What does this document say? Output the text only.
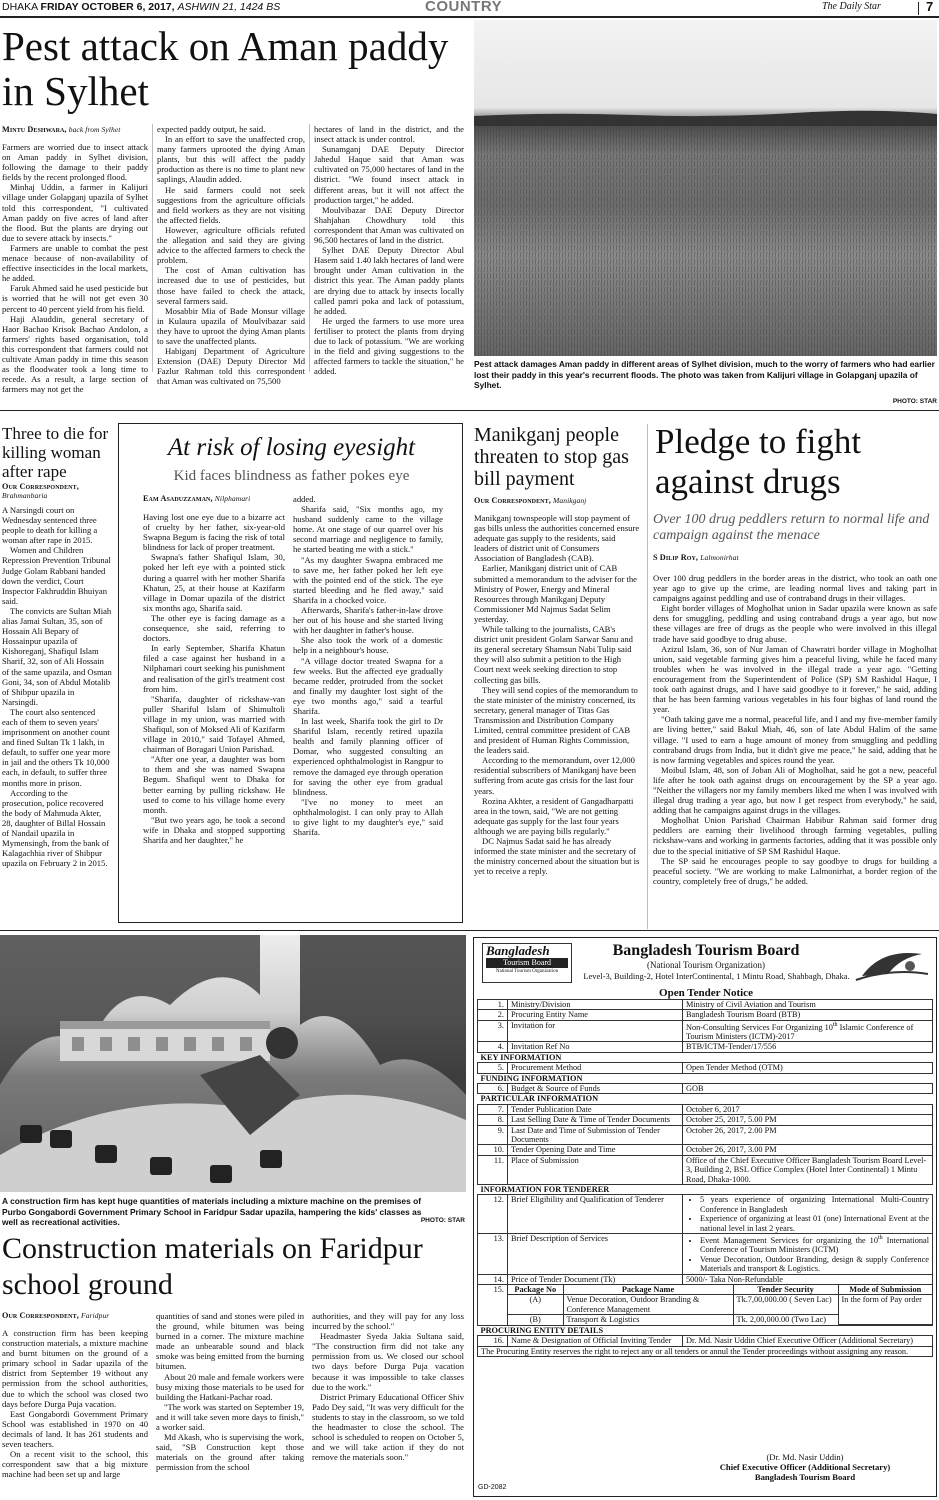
DHAKA FRIDAY OCTOBER 6, 2017, ASHWIN 21, 1424 BS	COUNTRY	The Daily Star	7
Pest attack on Aman paddy in Sylhet
Mintu Deshwara, back from Sylhet

Farmers are worried due to insect attack on Aman paddy in Sylhet division, following the damage to their paddy fields by the recent prolonged flood.

Minhaj Uddin, a farmer in Kalijuri village under Golapganj upazila of Sylhet told this correspondent, "I cultivated Aman paddy on five acres of land after the flood. But the plants are drying out due to severe attack by insects."

Farmers are unable to combat the pest menace because of non-availability of effective insecticides in the local markets, he added.

Faruk Ahmed said he used pesticide but is worried that he will not get even 30 percent to 40 percent yield from his field.

Haji Alauddin, general secretary of Haor Bachao Krisok Bachao Andolon, a farmers' rights based organisation, told this correspondent that farmers could not cultivate Aman paddy in time this season as the floodwater took a long time to recede. As a result, a large section of farmers may not get the

expected paddy output, he said.

In an effort to save the unaffected crop, many farmers uprooted the dying Aman plants, but this will affect the paddy production as there is no time to plant new saplings, Alaudin added.

He said farmers could not seek suggestions from the agriculture officials and field workers as they are not visiting the affected fields.

However, agriculture officials refuted the allegation and said they are giving advice to the affected farmers to check the problem.

The cost of Aman cultivation has increased due to use of pesticides, but those have failed to check the attack, several farmers said.

Mosabbir Mia of Bade Monsur village in Kulaura upazila of Moulvibazar said they have to uproot the dying Aman plants to save the unaffected plants.

Habiganj Department of Agriculture Extension (DAE) Deputy Director Md Fazlur Rahman told this correspondent that Aman was cultivated on 75,500

hectares of land in the district, and the insect attack is under control.

Sunamganj DAE Deputy Director Jahedul Haque said that Aman was cultivated on 75,000 hectares of land in the district. "We found insect attack in different areas, but it will not affect the production target," he added.

Moulvibazar DAE Deputy Director Shahjahan Chowdhury told this correspondent that Aman was cultivated on 96,500 hectares of land in the district.

Sylhet DAE Deputy Director Abul Hasem said 1.40 lakh hectares of land were brought under Aman cultivation in the district this year. The Aman paddy plants are drying due to attack by insects locally called pamri poka and lack of potassium, he added.

He urged the farmers to use more urea fertiliser to protect the plants from drying due to lack of potassium. "We are working in the field and giving suggestions to the affected farmers to tackle the situation," he added.

Pest attack damages Aman paddy in different areas of Sylhet division, much to the worry of farmers who had earlier lost their paddy in this year's recurrent floods. The photo was taken from Kalijuri village in Golapganj upazila of Sylhet.
PHOTO: STAR
Three to die for killing woman after rape
Our Correspondent,
Brahmanbaria

A Narsingdi court on Wednesday sentenced three people to death for killing a woman after rape in 2015.

Women and Children Repression Prevention Tribunal Judge Golam Rabbani handed down the verdict, Court Inspector Fakhruddin Bhuiyan said.

The convicts are Sultan Miah alias Jamai Sultan, 35, son of Hossain Ali Bepary of Hossainpur upazila of Kishoreganj, Shafiqul Islam Sharif, 32, son of Ali Hossain of the same upazila, and Osman Goni, 34, son of Abdul Motalib of Shibpur upazila in Narsingdi.

The court also sentenced each of them to seven years' imprisonment on another count and fined Sultan Tk 1 lakh, in default, to suffer one year more in jail and the others Tk 10,000 each, in default, to suffer three months more in prison.

According to the prosecution, police recovered the body of Mahmuda Akter, 28, daughter of Billal Hossain of Nandail upazila in Mymensingh, from the bank of Kalagachhia river of Shibpur upazila on February 2 in 2015.

At risk of losing eyesight
Kid faces blindness as father pokes eye
Eam Asaduzzaman, Nilphamari

Having lost one eye due to a bizarre act of cruelty by her father, six-year-old Swapna Begum is facing the risk of total blindness for lack of proper treatment.

Swapna's father Shafiqul Islam, 30, poked her left eye with a pointed stick during a quarrel with her mother Sharifa Khatun, 25, at their house at Kazifarm village in Domar upazila of the district six months ago, Sharifa said.

The other eye is facing damage as a consequence, she said, referring to doctors.

In early September, Sharifa Khatun filed a case against her husband in a Nilphamari court seeking his punishment and realisation of the girl's treatment cost from him.

"Sharifa, daughter of rickshaw-van puller Shariful Islam of Shimultoli village in my union, was married with Shafiqul, son of Moksed Ali of Kazifarm village in 2010," said Tofayel Ahmed, chairman of Boragari Union Parishad.

"After one year, a daughter was born to them and she was named Swapna Begum. Shafiqul went to Dhaka for better earning by pulling rickshaw. He used to come to his village home every month.

"But two years ago, he took a second wife in Dhaka and stopped supporting Sharifa and her daughter," he

added.

Sharifa said, "Six months ago, my husband suddenly came to the village home. At one stage of our quarrel over his second marriage and negligence to family, he started beating me with a stick."

"As my daughter Swapna embraced me to save me, her father poked her left eye with the pointed end of the stick. The eye started bleeding and he fled away," said Sharifa in a chocked voice.

Afterwards, Sharifa's father-in-law drove her out of his house and she started living with her daughter in father's house.

She also took the work of a domestic help in a neighbour's house.

"A village doctor treated Swapna for a few weeks. But the affected eye gradually became redder, protruded from the socket and finally my daughter lost sight of the eye two months ago," said a tearful Sharifa.

In last week, Sharifa took the girl to Dr Shariful Islam, recently retired upazila health and family planning officer of Domar, who suggested consulting an experienced ophthalmologist in Rangpur to remove the damaged eye through operation for saving the other eye from gradual blindness.

"I've no money to meet an ophthalmologist. I can only pray to Allah to give light to my daughter's eye," said Sharifa.

Manikganj people threaten to stop gas bill payment
Our Correspondent, Manikganj

Manikganj townspeople will stop payment of gas bills unless the authorities concerned ensure adequate gas supply to the residents, said leaders of district unit of Consumers Association of Bangladesh (CAB).

Earlier, Manikganj district unit of CAB submitted a memorandum to the adviser for the Ministry of Power, Energy and Mineral Resources through Manikganj Deputy Commissioner Md Najmus Sadat Selim yesterday.

While talking to the journalists, CAB's district unit president Golam Sarwar Sanu and its general secretary Shamsun Nabi Tulip said they will also submit a petition to the High Court next week seeking direction to stop collecting gas bills.

They will send copies of the memorandum to the state minister of the ministry concerned, its secretary, general manager of Titas Gas Transmission and Distribution Company Limited, central committee president of CAB and president of Human Rights Commission, the leaders said.

According to the memorandum, over 12,000 residential subscribers of Manikganj have been suffering from acute gas crisis for the last four years.

Rozina Akhter, a resident of Gangadharpatti area in the town, said, "We are not getting adequate gas supply for the last four years although we are paying bills regularly."

DC Najmus Sadat said he has already informed the state minister and the secretary of the ministry concerned about the situation but is yet to receive a reply.

Pledge to fight against drugs
Over 100 drug peddlers return to normal life and campaign against the menace
S Dilip Roy, Lalmonirhat

Over 100 drug peddlers in the border areas in the district, who took an oath one year ago to give up the crime, are leading normal lives and taking part in campaigns against peddling and use of contraband drugs in their villages.

Eight border villages of Mogholhat union in Sadar upazila were known as safe dens for smuggling, peddling and using contraband drugs a year ago, but now these villages are free of drugs as the people who were involved in this illegal trade have said goodbye to drug abuse.

Azizul Islam, 36, son of Nur Jaman of Chawratri border village in Mogholhat union, said vegetable farming gives him a peaceful living, while he faced many troubles when he was involved in the illegal trade a year ago. "Getting encouragement from the Superintendent of Police (SP) SM Rashidul Haque, I took oath against drugs, and I have said goodbye to it forever," he said, adding that he has been farming various vegetables in his four bighas of land round the year.

"Oath taking gave me a normal, peaceful life, and I and my five-member family are living better," said Bakul Miah, 46, son of late Abdul Halim of the same village. "I used to earn a huge amount of money from smuggling and peddling contraband drugs from India, but it didn't give me peace," he said, adding that he is now farming vegetables and spices round the year.

Moibul Islam, 48, son of Joban Ali of Mogholhat, said he got a new, peaceful life after he took oath against drugs on encouragement by the SP a year ago. "Neither the villagers nor my family members liked me when I was involved with illegal drug trading a year ago, but now I get respect from everybody," he said, adding that he campaigns against drugs in the villages.

Mogholhat Union Parishad Chairman Habibur Rahman said former drug peddlers are earning their livelihood through farming vegetables, pulling rickshaw-vans and working in garments factories, adding that it was possible only due to the special initiative of SP SM Rashidul Haque.

The SP said he encourages people to say goodbye to drugs for building a peaceful society. "We are working to make Lalmonirhat, a border region of the country, completely free of drugs," he added.

A construction firm has kept huge quantities of materials including a mixture machine on the premises of Purbo Gongabordi Government Primary School in Faridpur Sadar upazila, hampering the kids' classes as well as recreational activities.	PHOTO: STAR
Construction materials on Faridpur school ground
Our Correspondent, Faridpur

A construction firm has been keeping construction materials, a mixture machine and burnt bitumen on the ground of a primary school in Sadar upazila of the district from September 19 without any permission from the school authorities, due to which the school was closed two days before Durga Puja vacation.

East Gongabordi Government Primary School was established in 1970 on 40 decimals of land. It has 261 students and seven teachers.

On a recent visit to the school, this correspondent saw that a big mixture machine had been set up and large

quantities of sand and stones were piled in the ground, while bitumen was being burned in a corner. The mixture machine made an unbearable sound and black smoke was being emitted from the burning bitumen.

About 20 male and female workers were busy mixing those materials to be used for building the Hatkani-Pachar road.

"The work was started on September 19, and it will take seven more days to finish," a worker said.

Md Akash, who is supervising the work, said, "SB Construction kept those materials on the ground after taking permission from the school

authorities, and they will pay for any loss incurred by the school."

Headmaster Syeda Jakia Sultana said, "The construction firm did not take any permission from us. We closed our school two days before Durga Puja vacation because it was impossible to take classes due to the work."

District Primary Educational Officer Shiv Pado Dey said, "It was very difficult for the students to stay in the classroom, so we told the headmaster to close the school. The school is scheduled to reopen on October 5, and we will take action if they do not remove the materials soon."

Bangladesh
Tourism Board
National Tourism Organization
Bangladesh Tourism Board
(National Tourism Organization)
Level-3, Building-2, Hotel InterContinental, 1 Mintu Road, Shahbagh, Dhaka.
Open Tender Notice
1.	Ministry/Division	Ministry of Civil Aviation and Tourism
2.	Procuring Entity Name	Bangladesh Tourism Board (BTB)
3.	Invitation for	Non-Consulting Services For Organizing 10th Islamic Conference of Tourism Ministers (ICTM)-2017
4.	Invitation Ref No	BTB/ICTM-Tender/17/556
KEY INFORMATION
5.	Procurement Method	Open Tender Method (OTM)
FUNDING INFORMATION
6.	Budget & Source of Funds	GOB
PARTICULAR INFORMATION
7.	Tender Publication Date	October 6, 2017
8.	Last Selling Date & Time of Tender Documents	October 25, 2017, 5.00 PM
9.	Last Date and Time of Submission of Tender Documents	October 26, 2017, 2.00 PM
10.	Tender Opening Date and Time	October 26, 2017, 3.00 PM
11.	Place of Submission	Office of the Chief Executive Officer Bangladesh Tourism Board Level-3, Building 2, BSL Office Complex (Hotel Inter Continental) 1 Mintu Road, Dhaka-1000.
INFORMATION FOR TENDERER
12.	Brief Eligibility and Qualification of Tenderer	
•5 years experience of organizing International Multi-Country Conference in Bangladesh
• Experience of organizing at least 01 (one) International Event at the national level in last 2 years.

13.	Brief Description of Services	
•Event Management Services for organizing the 10th International Conference of Tourism Ministers (ICTM)
• Venue Decoration, Outdoor Branding, design & supply Conference Materials and transport & Logistics.

14.	Price of Tender Document (Tk)	5000/- Taka Non-Refundable
15.	Package No	Package Name	Tender Security	Mode of Submission
(A)	Venue Decoration, Outdoor Branding & Conference Management	Tk.7,00,000.00 ( Seven Lac)	In the form of Pay order
(B)	Transport & Logistics	Tk. 2,00,000.00 (Two Lac)

PROCURING ENTITY DETAILS
16.	Name & Designation of Official Inviting Tender	Dr. Md. Nasir Uddin Chief Executive Officer (Additional Secretary)
The Procuring Entity reserves the right to reject any or all tenders or annul the Tender proceedings without assigning any reason.
(Dr. Md. Nasir Uddin)
Chief Executive Officer (Additional Secretary)
Bangladesh Tourism Board
GD-2082
